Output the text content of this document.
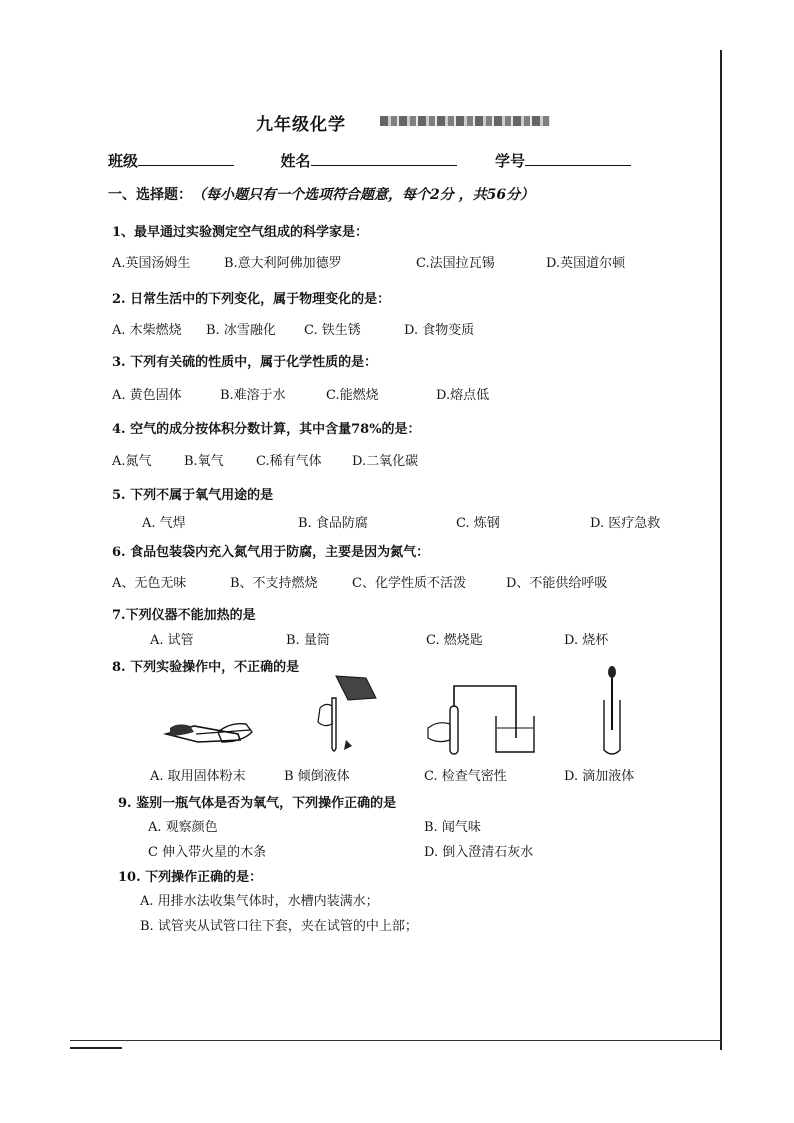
九年级化学
班级	姓名	学号
一、选择题：（每小题只有一个选项符合题意，每个2分 ，共56分）
1、最早通过实验测定空气组成的科学家是：
A.英国汤姆生	B.意大利阿佛加德罗	C.法国拉瓦锡	D.英国道尔顿
2. 日常生活中的下列变化，属于物理变化的是：
A. 木柴燃烧 B. 冰雪融化 C. 铁生锈	D. 食物变质
3. 下列有关硫的性质中，属于化学性质的是：
A. 黄色固体	B.难溶于水	C.能燃烧	D.熔点低
4. 空气的成分按体积分数计算，其中含量78%的是：
A.氮气 B.氧气 C.稀有气体 D.二氧化碳
5. 下列不属于氧气用途的是
A. 气焊	B. 食品防腐	C. 炼钢	D. 医疗急救
6. 食品包装袋内充入氮气用于防腐，主要是因为氮气：
A、无色无味	B、不支持燃烧	C、化学性质不活泼	D、不能供给呼吸
7.下列仪器不能加热的是
A. 试管	B. 量筒	C. 燃烧匙	D. 烧杯
8. 下列实验操作中，不正确的是
A. 取用固体粉末	B 倾倒液体	C. 检查气密性	D. 滴加液体
9. 鉴别一瓶气体是否为氧气，下列操作正确的是
A. 观察颜色	B. 闻气味
C 伸入带火星的木条	D. 倒入澄清石灰水
10. 下列操作正确的是：
A. 用排水法收集气体时，水槽内装满水；
B. 试管夹从试管口往下套，夹在试管的中上部；
